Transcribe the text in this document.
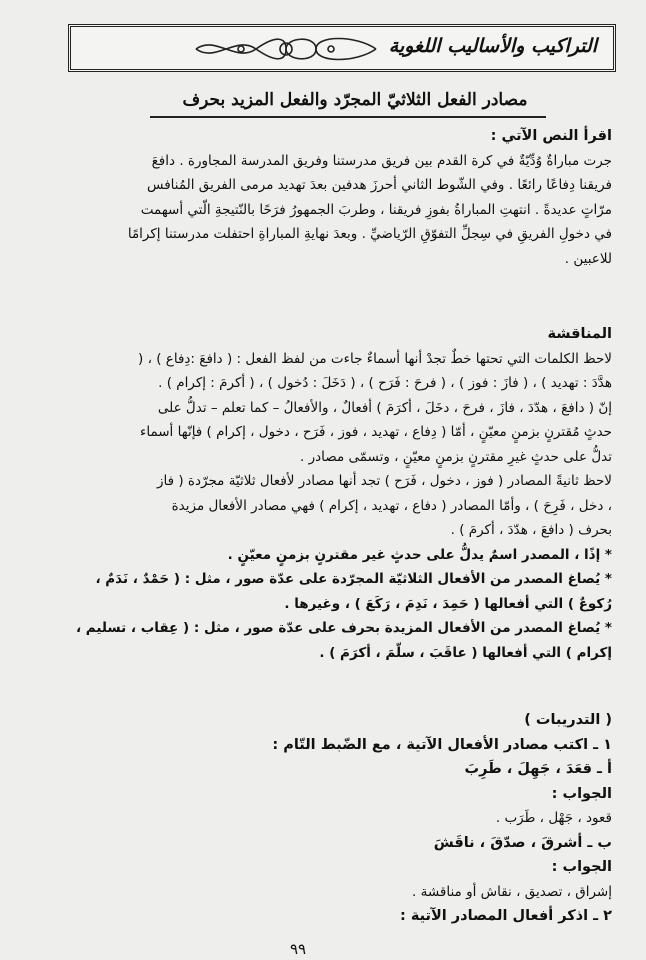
التراكيب والأساليب اللغوية
مصادر الفعل الثلاثيّ المجرّد والفعل المزيد بحرف
اقرأ النص الآتي :
جرت مباراةٌ وُدِّيّةٌ في كرة القدم بين فريق مدرستنا وفريق المدرسة المجاورة . دافعَ
فريقنا دِفاعًا رائعًا . وفي الشّوط الثاني أحرزَ هدفين بعدَ تهديد مرمى الفريق المُنافس
مرّاتٍ عديدةً . انتهتِ المباراةُ بفوزِ فريقنا ، وطربَ الجمهورُ فرَحًا بالنّتيجةِ الّتي أسهمت
في دخولِ الفريقِ في سِجلِّ التفوّقِ الرّياضيِّ . وبعدَ نهايةِ المباراةِ احتفلت مدرستنا إكرامًا
للاعبين .
المناقشة
لاحظ الكلمات التي تحتها خطٌ تجدْ أنها أسماءٌ جاءت من لفظ الفعل : ( دافعَ :دِفاع ) ، (
هدَّدَ : تهديد ) ، ( فازَ : فوز ) ، ( فرحَ : فَرَح ) ، ( دَخَلَ : دُخول ) ، ( أكرمَ : إكرام ) .
إنّ ( دافعَ ، هدّدَ ، فازَ ، فرحَ ، دخَلَ ، أكرَمَ ) أفعالٌ ، والأفعالُ – كما تعلم – تدلُّ على
حدثٍ مُقترنٍ بزمنٍ معيّنٍ ، أمّا ( دِفاع ، تهديد ، فوز ، فَرَح ، دخول ، إكرام ) فإنّها أسماء
تدلُّ على حدثٍ غيرِ مقترنٍ بزمنٍ معيّنٍ ، وتسمّى مصادر .
لاحظ ثانيةً المصادر ( فوز ، دخول ، فَرَح ) تجد أنها مصادر لأفعال ثلاثيّة مجرّدة ( فاز
، دخل ، فَرِحَ ) ، وأمّا المصادر ( دفاع ، تهديد ، إكرام ) فهي مصادر الأفعال مزيدة
بحرف ( دافعَ ، هدّدَ ، أكرمَ ) .
* إذًا ، المصدر اسمٌ يدلُّ على حدثٍ غير مقترنٍ بزمنٍ معيّنٍ .
* يُصاغ المصدر من الأفعال الثلاثيّة المجرّدة على عدّة صور ، مثل : ( حَمْدٌ ، نَدَمٌ ،
رُكوعٌ ) التي أفعالها ( حَمِدَ ، نَدِمَ ، رَكَعَ ) ، وغيرها .
* يُصاغ المصدر من الأفعال المزيدة بحرف على عدّة صور ، مثل : ( عِقاب ، تسليم ،
إكرام ) التي أفعالها ( عاقَبَ ، سلّمَ ، أكرَمَ ) .
( التدريبات )
١ ـ اكتب مصادر الأفعال الآتية ، مع الضّبط التّام :
أ ـ قعَدَ ، جَهِلَ ، طَرِبَ
الجواب :
قعود ، جَهْل ، طَرَب .
ب ـ أشرقَ ، صدّقَ ، ناقَشَ
الجواب :
إشراق ، تصديق ، نقاش أو مناقشة .
٢ ـ اذكر أفعال المصادر الآتية :
٩٩
